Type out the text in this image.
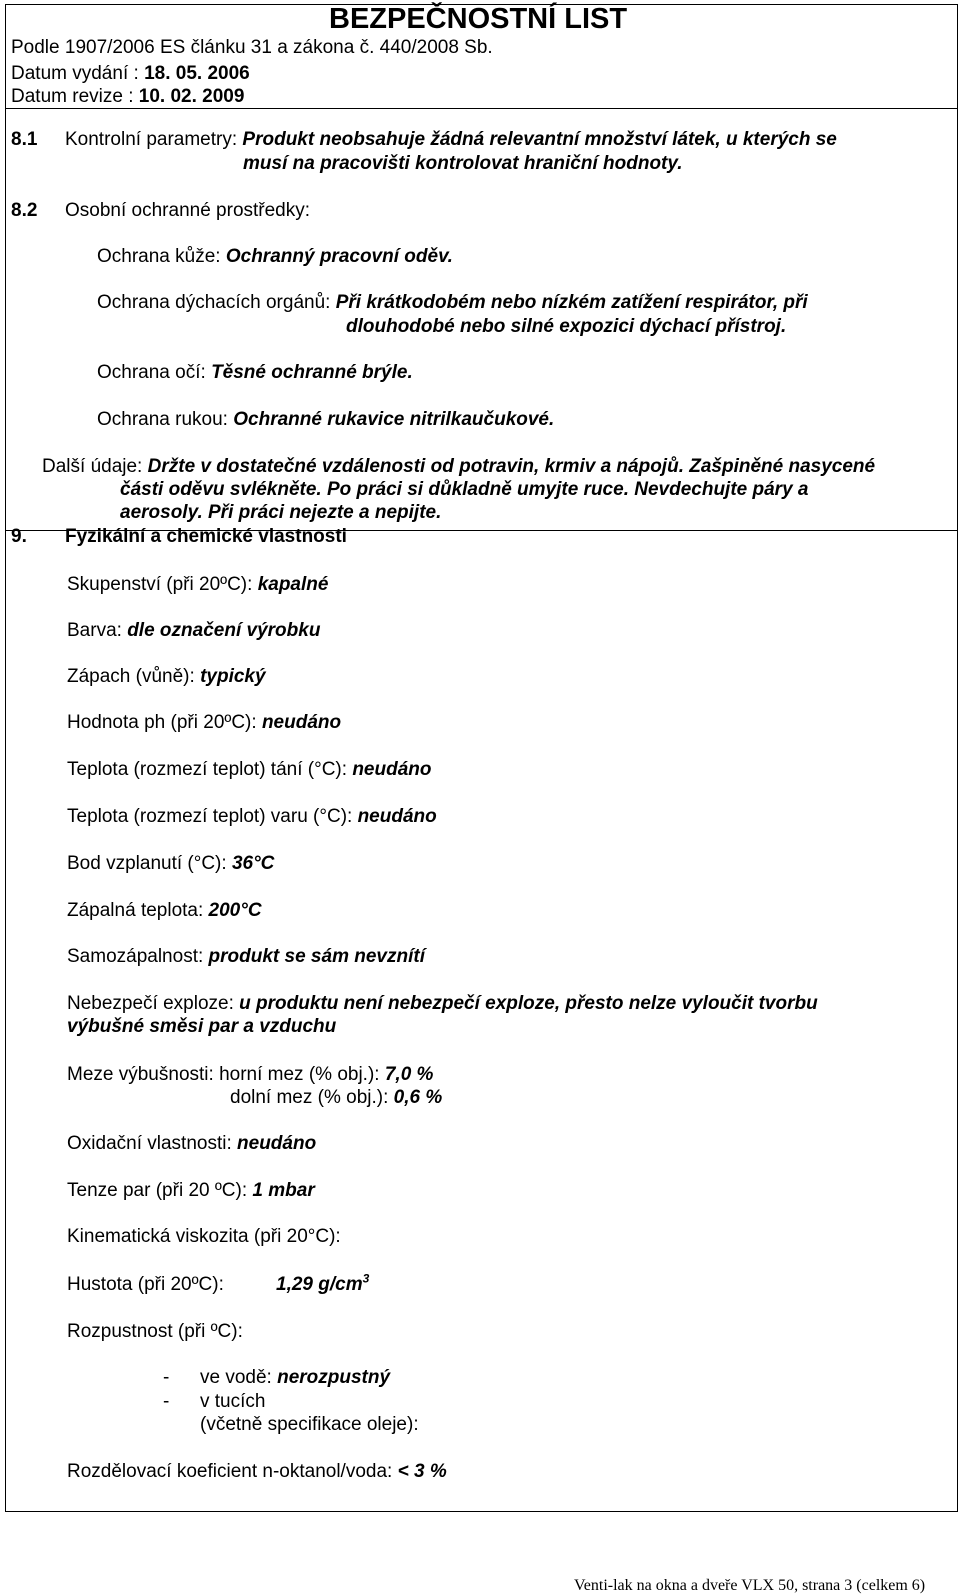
BEZPEČNOSTNÍ LIST
Podle 1907/2006 ES článku 31 a zákona č. 440/2008 Sb.
Datum vydání : 18. 05. 2006
Datum revize : 10. 02. 2009
8.1 Kontrolní parametry: Produkt neobsahuje žádná relevantní množství látek, u kterých se
musí na pracovišti kontrolovat hraniční hodnoty.
8.2 Osobní ochranné prostředky:
Ochrana kůže: Ochranný pracovní oděv.
Ochrana dýchacích orgánů: Při krátkodobém nebo nízkém zatížení respirátor, při
dlouhodobé nebo silné expozici dýchací přístroj.
Ochrana očí: Těsné ochranné brýle.
Ochrana rukou: Ochranné rukavice nitrilkaučukové.
Další údaje: Držte v dostatečné vzdálenosti od potravin, krmiv a nápojů. Zašpiněné nasycené
části oděvu svlékněte. Po práci si důkladně umyjte ruce. Nevdechujte páry a
aerosoly. Při práci nejezte a nepijte.
9. Fyzikální a chemické vlastnosti
Skupenství (při 20ºC): kapalné
Barva: dle označení výrobku
Zápach (vůně): typický
Hodnota ph (při 20ºC): neudáno
Teplota (rozmezí teplot) tání (°C): neudáno
Teplota (rozmezí teplot) varu (°C): neudáno
Bod vzplanutí (°C): 36°C
Zápalná teplota: 200°C
Samozápalnost: produkt se sám nevznítí
Nebezpečí exploze: u produktu není nebezpečí exploze, přesto nelze vyloučit tvorbu
výbušné směsi par a vzduchu
Meze výbušnosti: horní mez (% obj.): 7,0 %
dolní mez (% obj.): 0,6 %
Oxidační vlastnosti: neudáno
Tenze par (při 20 ºC): 1 mbar
Kinematická viskozita (při 20°C):
Hustota (při 20ºC):	1,29 $g/cm^3$
Rozpustnost (při ºC):
- ve vodě: nerozpustný
- v tucích
(včetně specifikace oleje):
Rozdělovací koeficient n-oktanol/voda: < 3 %
Venti-lak na okna a dveře VLX 50, strana 3 (celkem 6)
